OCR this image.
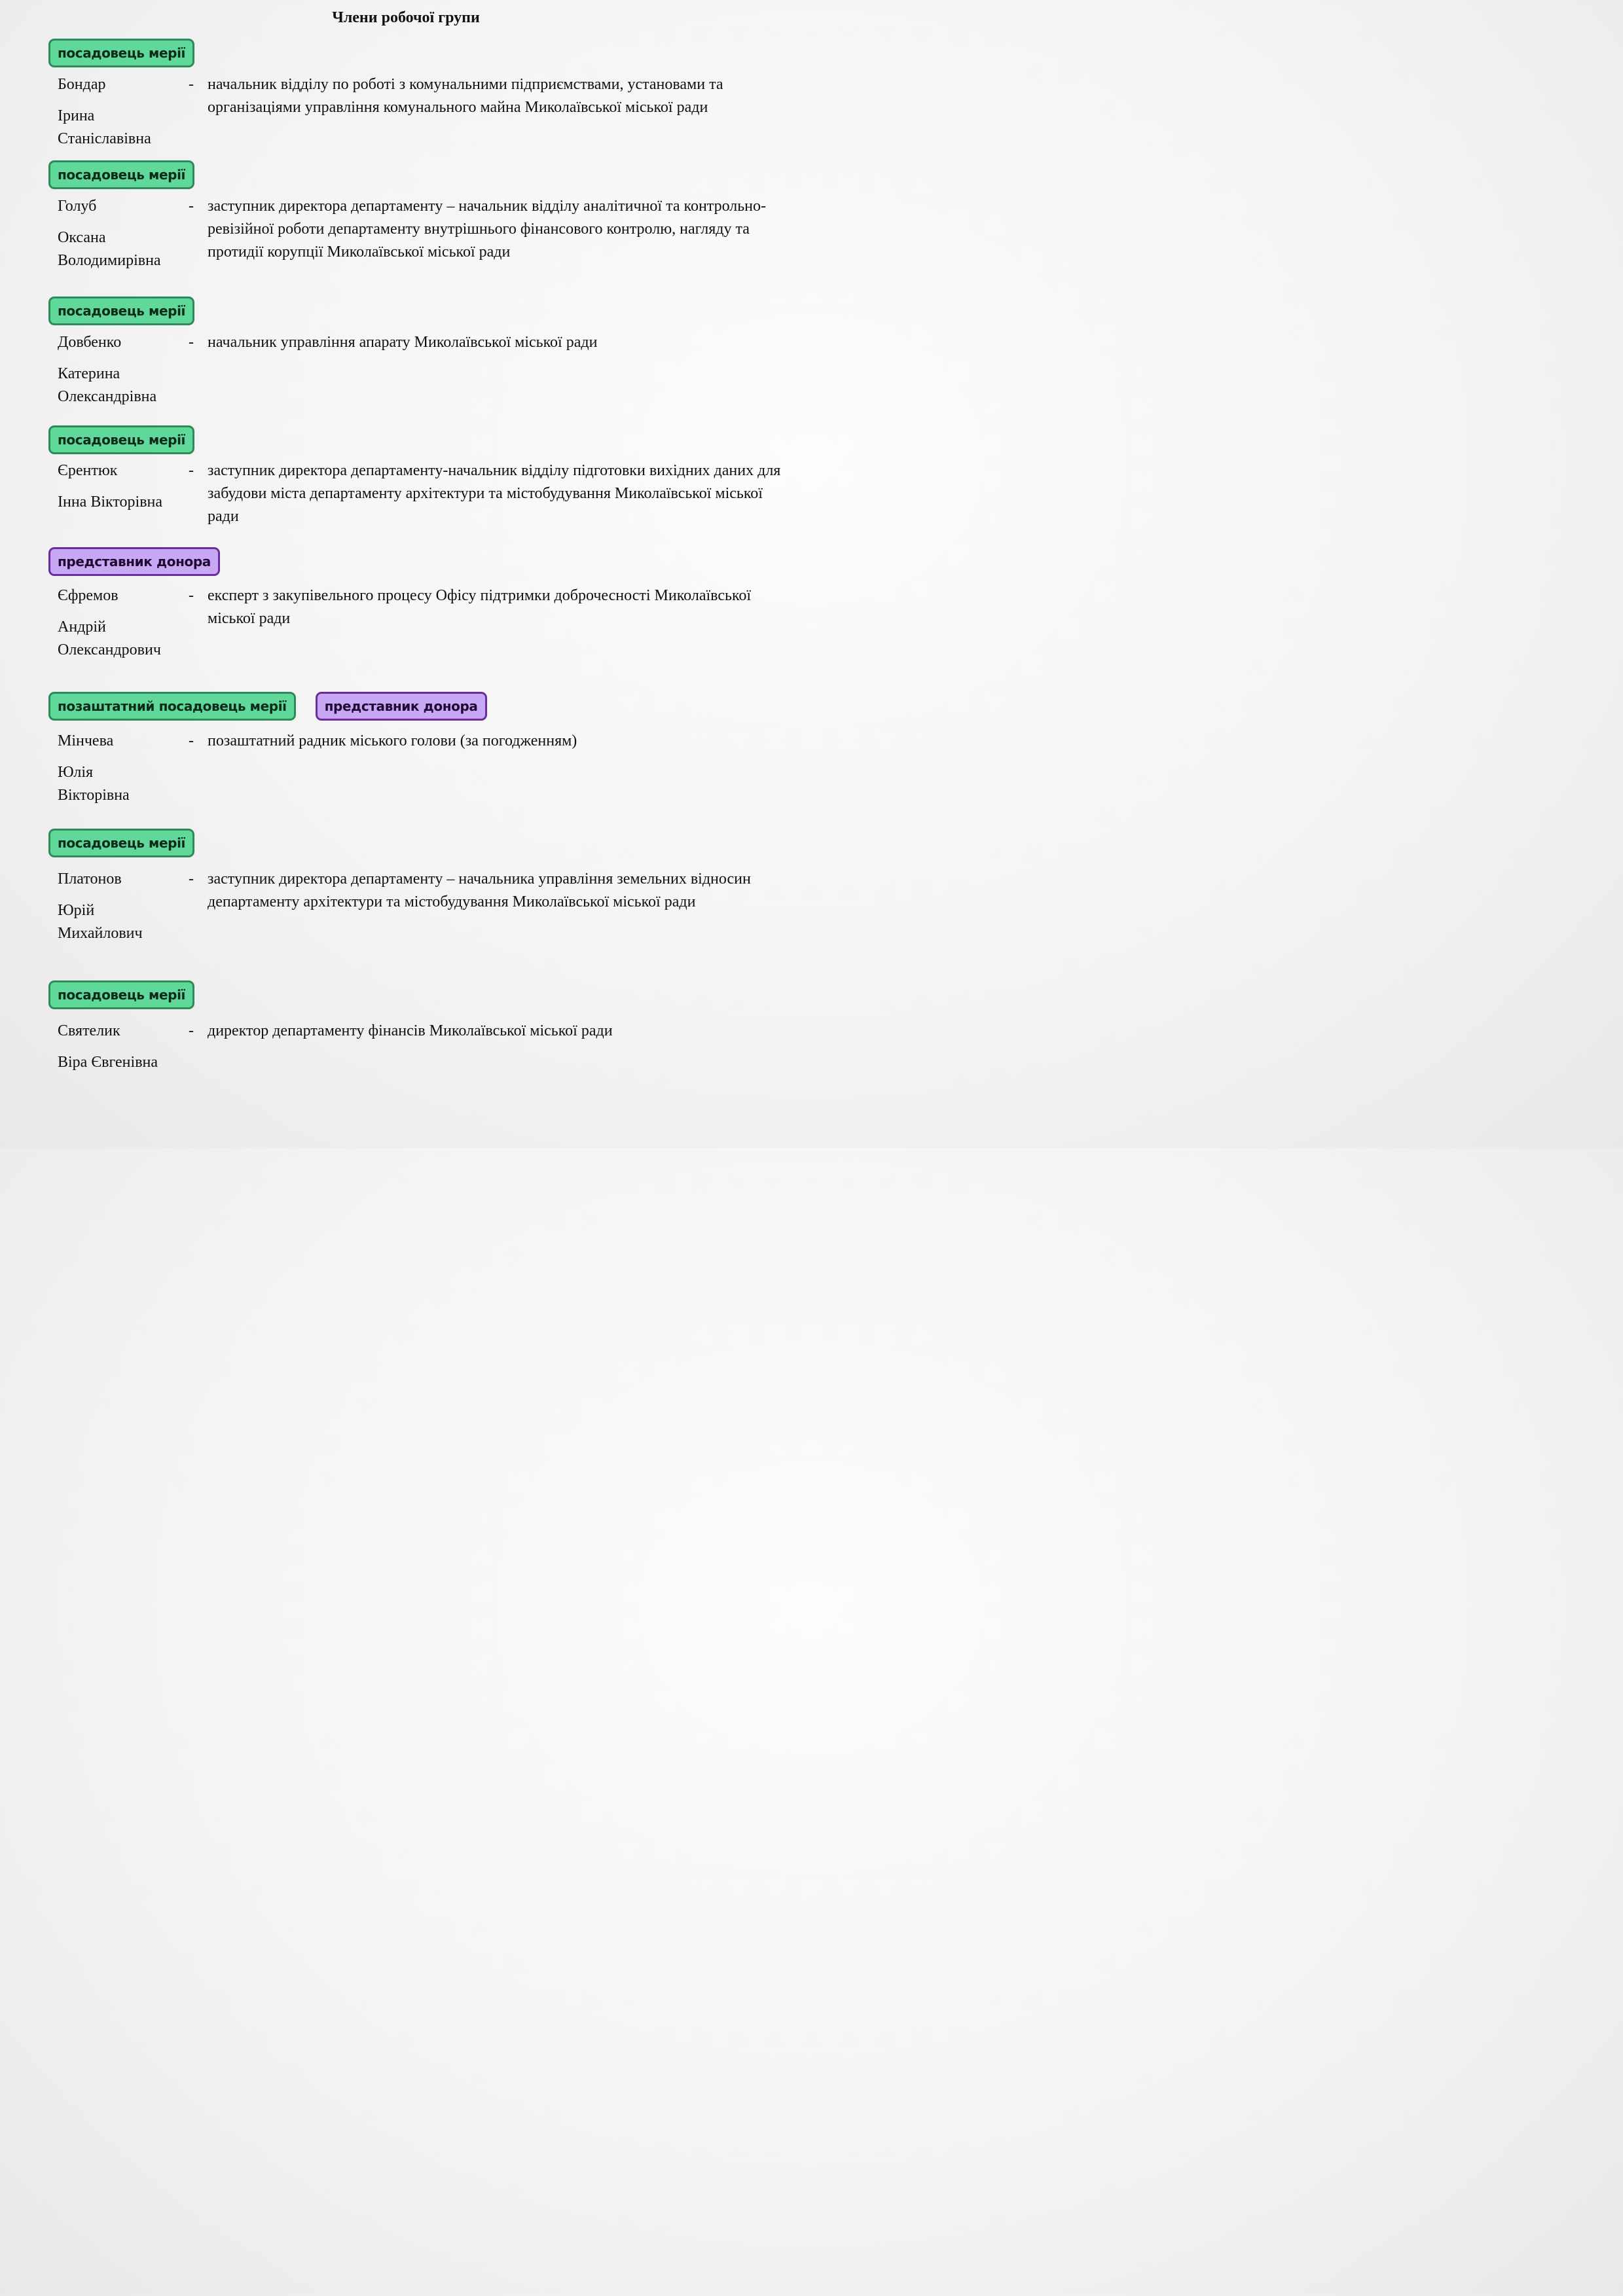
Члени робочої групи
посадовець мерії
Бондар
Ірина
Станіславівна
- начальник відділу по роботі з комунальними підприємствами, установами та організаціями управління комунального майна Миколаївської міської ради
посадовець мерії
Голуб
Оксана
Володимирівна
- заступник директора департаменту – начальник відділу аналітичної та контрольно-ревізійної роботи департаменту внутрішнього фінансового контролю, нагляду та протидії корупції Миколаївської міської ради
посадовець мерії
Довбенко
Катерина
Олександрівна
- начальник управління апарату Миколаївської міської ради
посадовець мерії
Єрентюк
Інна Вікторівна
- заступник директора департаменту-начальник відділу підготовки вихідних даних для забудови міста департаменту архітектури та містобудування Миколаївської міської ради
представник донора
Єфремов
Андрій
Олександрович
- експерт з закупівельного процесу Офісу підтримки доброчесності Миколаївської міської ради
позаштатний посадовець мерії	представник донора
Мінчева
Юлія
Вікторівна
- позаштатний радник міського голови (за погодженням)
посадовець мерії
Платонов
Юрій
Михайлович
- заступник директора департаменту – начальника управління земельних відносин департаменту архітектури та містобудування Миколаївської міської ради
посадовець мерії
Святелик
Віра Євгенівна
- директор департаменту фінансів Миколаївської міської ради
